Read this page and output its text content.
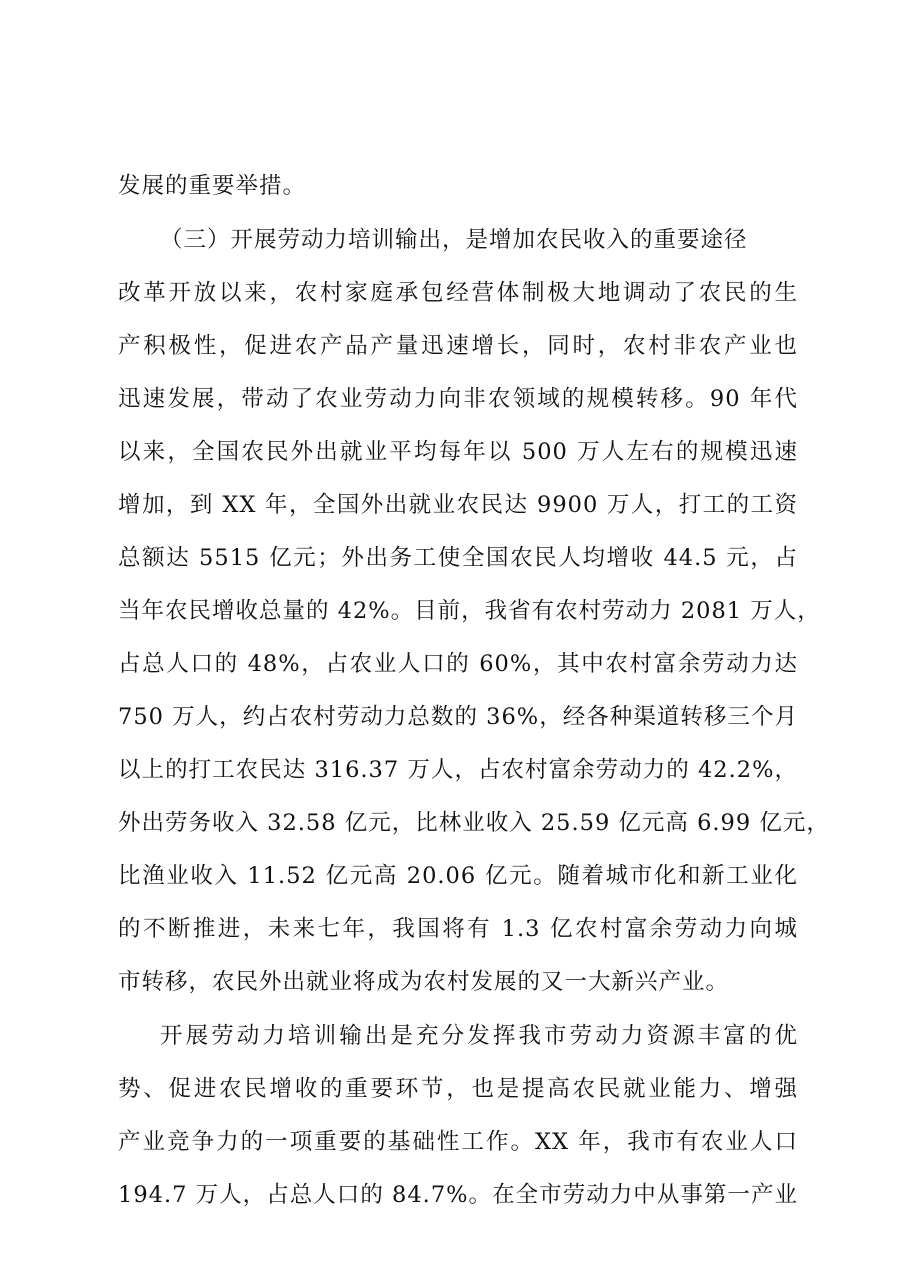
发展的重要举措。
（三）开展劳动力培训输出，是增加农民收入的重要途径
改革开放以来，农村家庭承包经营体制极大地调动了农民的生
产积极性，促进农产品产量迅速增长，同时，农村非农产业也
迅速发展，带动了农业劳动力向非农领域的规模转移。90 年代
以来，全国农民外出就业平均每年以 500 万人左右的规模迅速
增加，到 XX 年，全国外出就业农民达 9900 万人，打工的工资
总额达 5515 亿元；外出务工使全国农民人均增收 44.5 元，占
当年农民增收总量的 42%。目前，我省有农村劳动力 2081 万人，
占总人口的 48%，占农业人口的 60%，其中农村富余劳动力达
750 万人，约占农村劳动力总数的 36%，经各种渠道转移三个月
以上的打工农民达 316.37 万人，占农村富余劳动力的 42.2%，
外出劳务收入 32.58 亿元，比林业收入 25.59 亿元高 6.99 亿元，
比渔业收入 11.52 亿元高 20.06 亿元。随着城市化和新工业化
的不断推进，未来七年，我国将有 1.3 亿农村富余劳动力向城
市转移，农民外出就业将成为农村发展的又一大新兴产业。
开展劳动力培训输出是充分发挥我市劳动力资源丰富的优
势、促进农民增收的重要环节，也是提高农民就业能力、增强
产业竞争力的一项重要的基础性工作。XX 年，我市有农业人口
194.7 万人，占总人口的 84.7%。在全市劳动力中从事第一产业
